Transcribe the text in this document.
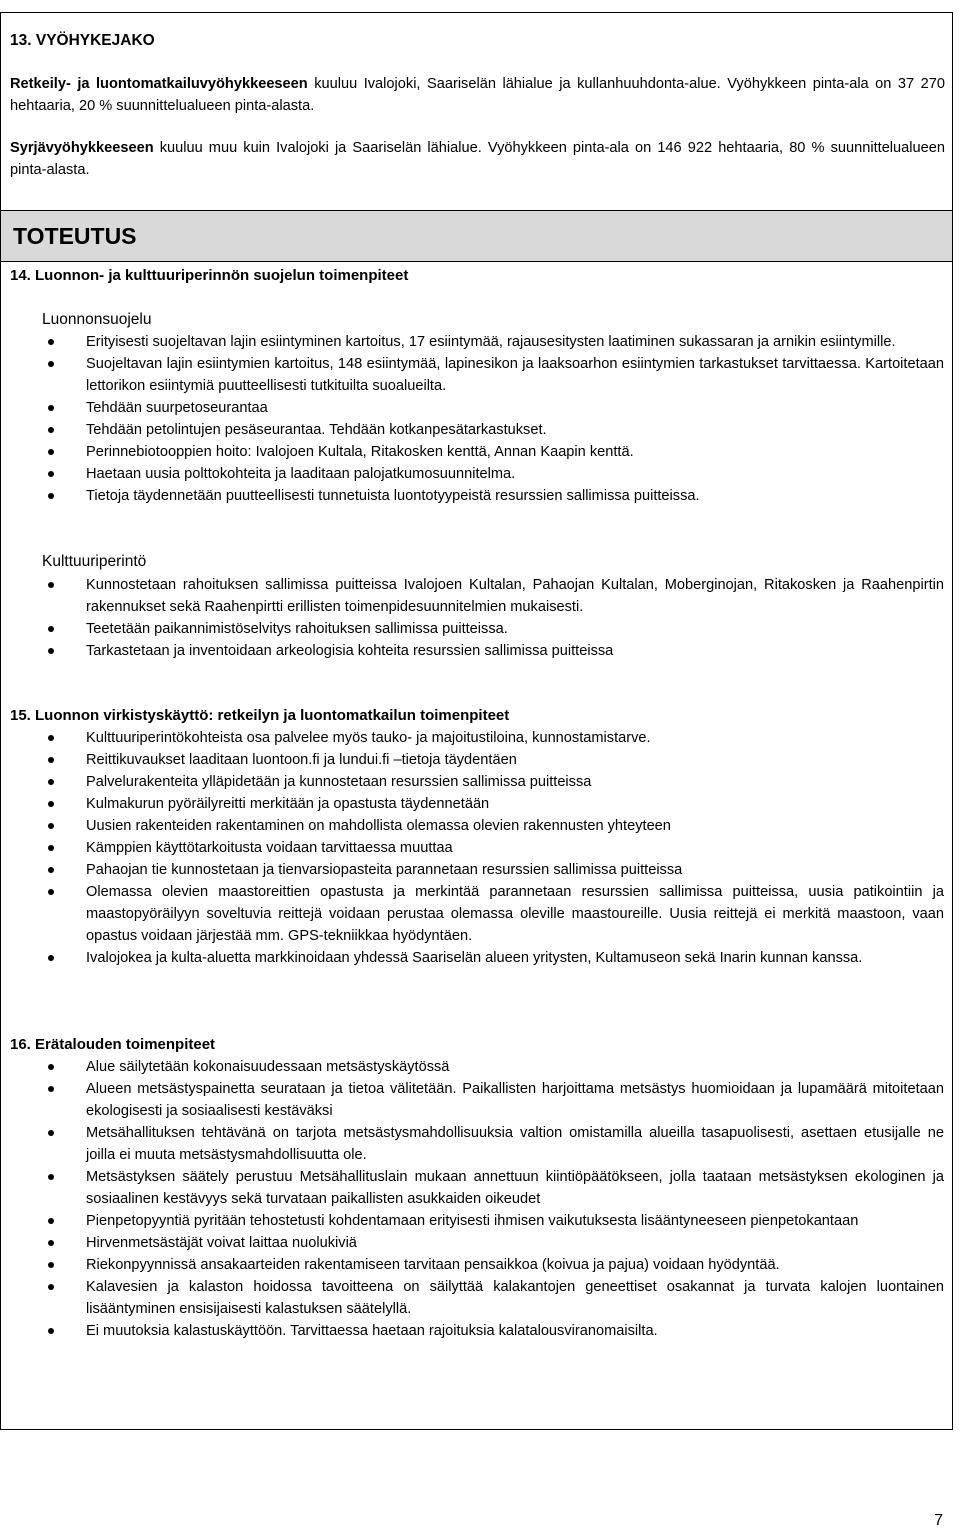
13. VYÖHYKEJAKO
Retkeily- ja luontomatkailuvyöhykkeeseen kuuluu Ivalojoki, Saariselän lähialue ja kullanhuuhdonta-alue. Vyöhykkeen pinta-ala on 37 270 hehtaaria, 20 % suunnittelualueen pinta-alasta.
Syrjävyöhykkeeseen kuuluu muu kuin Ivalojoki ja Saariselän lähialue. Vyöhykkeen pinta-ala on 146 922 hehtaaria, 80 % suunnittelualueen pinta-alasta.
TOTEUTUS
14. Luonnon- ja kulttuuriperinnön suojelun toimenpiteet
Luonnonsuojelu
Erityisesti suojeltavan lajin esiintyminen kartoitus, 17 esiintymää, rajausesitysten laatiminen sukassaran ja arnikin esiintymille.
Suojeltavan lajin esiintymien kartoitus, 148 esiintymää, lapinesikon ja laaksoarhon esiintymien tarkastukset tarvittaessa. Kartoitetaan lettorikon esiintymiä puutteellisesti tutkituilta suoalueilta.
Tehdään suurpetoseurantaa
Tehdään petolintujen pesäseurantaa. Tehdään kotkanpesätarkastukset.
Perinnebiotooppien hoito: Ivalojoen Kultala, Ritakosken kenttä, Annan Kaapin kenttä.
Haetaan uusia polttokohteita ja laaditaan palojatkumosuunnitelma.
Tietoja täydennetään puutteellisesti tunnetuista luontotyypeistä resurssien sallimissa puitteissa.
Kulttuuriperintö
Kunnostetaan rahoituksen sallimissa puitteissa Ivalojoen Kultalan, Pahaojan Kultalan, Moberginojan, Ritakosken ja Raahenpirtin rakennukset sekä Raahenpirtti erillisten toimenpidesuunnitelmien mukaisesti.
Teetetään paikannimistöselvitys rahoituksen sallimissa puitteissa.
Tarkastetaan ja inventoidaan arkeologisia kohteita resurssien sallimissa puitteissa
15. Luonnon virkistyskäyttö: retkeilyn ja luontomatkailun toimenpiteet
Kulttuuriperintökohteista osa palvelee myös tauko- ja majoitustiloina, kunnostamistarve.
Reittikuvaukset laaditaan luontoon.fi ja lundui.fi –tietoja täydentäen
Palvelurakenteita ylläpidetään ja kunnostetaan resurssien sallimissa puitteissa
Kulmakurun pyöräilyreitti merkitään ja opastusta täydennetään
Uusien rakenteiden rakentaminen on mahdollista olemassa olevien rakennusten yhteyteen
Kämppien käyttötarkoitusta voidaan tarvittaessa muuttaa
Pahaojan tie kunnostetaan ja tienvarsiopasteita parannetaan resurssien sallimissa puitteissa
Olemassa olevien maastoreittien opastusta ja merkintää parannetaan resurssien sallimissa puitteissa, uusia patikointiin ja maastopyöräilyyn soveltuvia reittejä voidaan perustaa olemassa oleville maastoureille. Uusia reittejä ei merkitä maastoon, vaan opastus voidaan järjestää mm. GPS-tekniikkaa hyödyntäen.
Ivalojokea ja kulta-aluetta markkinoidaan yhdessä Saariselän alueen yritysten, Kultamuseon sekä Inarin kunnan kanssa.
16. Erätalouden toimenpiteet
Alue säilytetään kokonaisuudessaan metsästyskäytössä
Alueen metsästyspainetta seurataan ja tietoa välitetään. Paikallisten harjoittama metsästys huomioidaan ja lupamäärä mitoitetaan ekologisesti ja sosiaalisesti kestäväksi
Metsähallituksen tehtävänä on tarjota metsästysmahdollisuuksia valtion omistamilla alueilla tasapuolisesti, asettaen etusijalle ne joilla ei muuta metsästysmahdollisuutta ole.
Metsästyksen säätely perustuu Metsähallituslain mukaan annettuun kiintiöpäätökseen, jolla taataan metsästyksen ekologinen ja sosiaalinen kestävyys sekä turvataan paikallisten asukkaiden oikeudet
Pienpetopyyntiä pyritään tehostetusti kohdentamaan erityisesti ihmisen vaikutuksesta lisääntyneeseen pienpetokantaan
Hirvenmetsästäjät voivat laittaa nuolukiviä
Riekonpyynnissä ansakaarteiden rakentamiseen tarvitaan pensaikkoa (koivua ja pajua) voidaan hyödyntää.
Kalavesien ja kalaston hoidossa tavoitteena on säilyttää kalakantojen geneettiset osakannat ja turvata kalojen luontainen lisääntyminen ensisijaisesti kalastuksen säätelyllä.
Ei muutoksia kalastuskäyttöön. Tarvittaessa haetaan rajoituksia kalatalousviranomaisilta.
7
